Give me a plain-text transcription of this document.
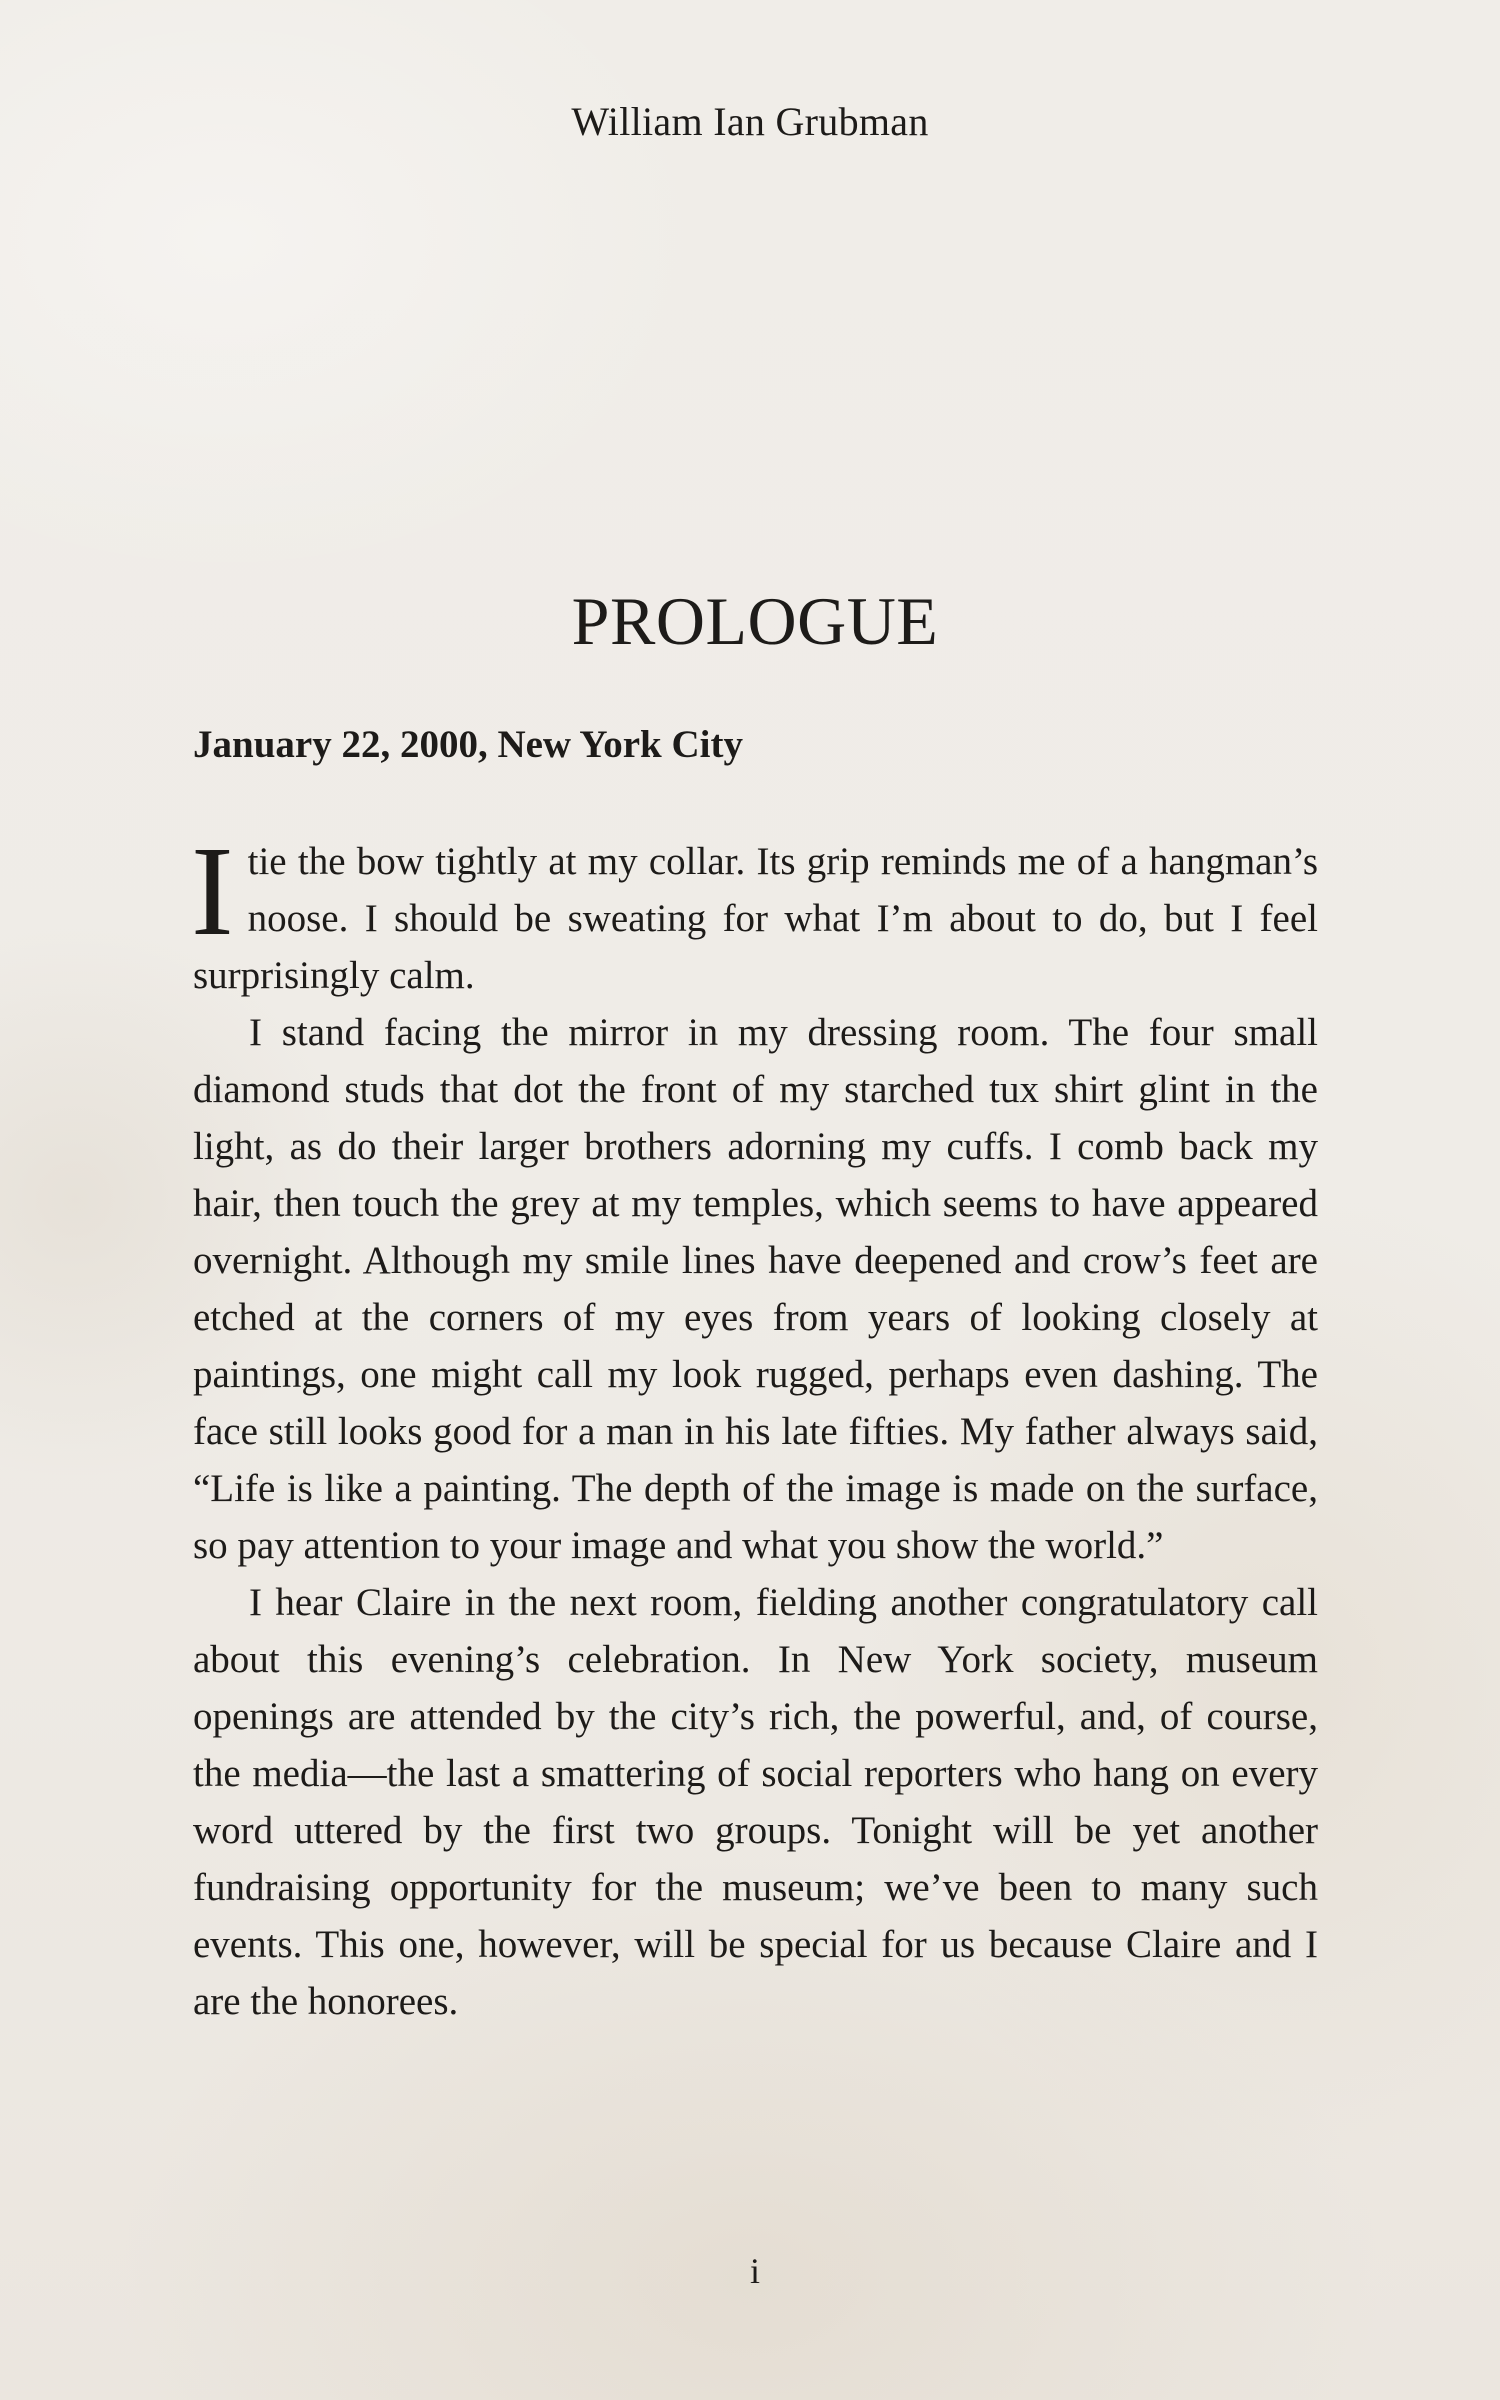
William Ian Grubman
PROLOGUE
January 22, 2000, New York City

Itie the bow tightly at my collar. Its grip reminds me of a hangman’s noose. I should be sweating for what I’m about to do, but I feel surprisingly calm.

I stand facing the mirror in my dressing room. The four small diamond studs that dot the front of my starched tux shirt glint in the light, as do their larger brothers adorning my cuffs. I comb back my hair, then touch the grey at my temples, which seems to have appeared overnight. Although my smile lines have deepened and crow’s feet are etched at the corners of my eyes from years of looking closely at paintings, one might call my look rugged, perhaps even dashing. The face still looks good for a man in his late fifties. My father always said, “Life is like a painting. The depth of the image is made on the surface, so pay attention to your image and what you show the world.”

I hear Claire in the next room, fielding another congratulatory call about this evening’s celebration. In New York society, museum openings are attended by the city’s rich, the powerful, and, of course, the media—the last a smattering of social reporters who hang on every word uttered by the first two groups. Tonight will be yet another fundraising opportunity for the museum; we’ve been to many such events. This one, however, will be special for us because Claire and I are the honorees.

i
